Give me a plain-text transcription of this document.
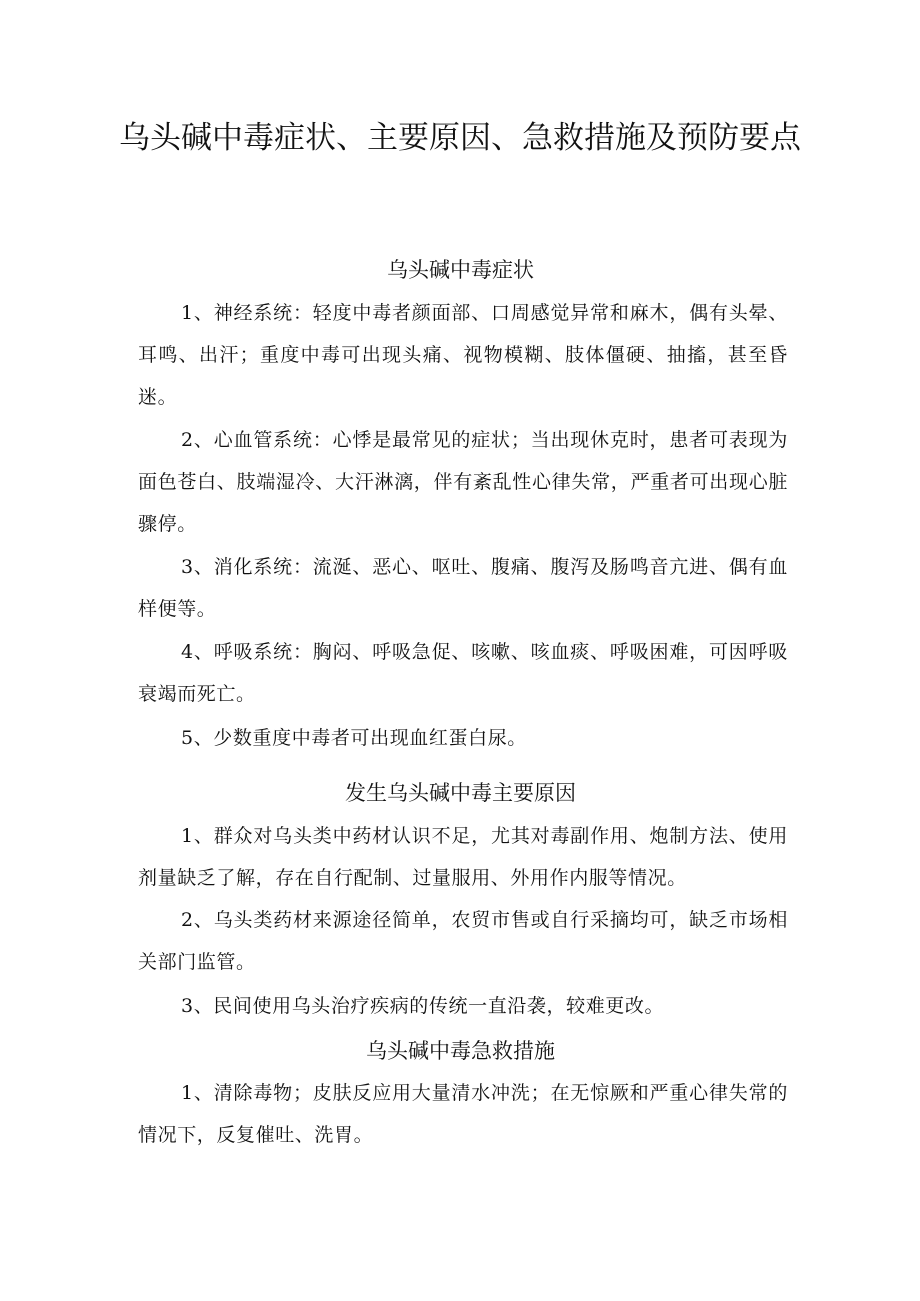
乌头碱中毒症状、主要原因、急救措施及预防要点
乌头碱中毒症状

1、神经系统：轻度中毒者颜面部、口周感觉异常和麻木，偶有头晕、耳鸣、出汗；重度中毒可出现头痛、视物模糊、肢体僵硬、抽搐，甚至昏迷。

2、心血管系统：心悸是最常见的症状；当出现休克时，患者可表现为面色苍白、肢端湿冷、大汗淋漓，伴有紊乱性心律失常，严重者可出现心脏骤停。

3、消化系统：流涎、恶心、呕吐、腹痛、腹泻及肠鸣音亢进、偶有血样便等。

4、呼吸系统：胸闷、呼吸急促、咳嗽、咳血痰、呼吸困难，可因呼吸衰竭而死亡。

5、少数重度中毒者可出现血红蛋白尿。

发生乌头碱中毒主要原因

1、群众对乌头类中药材认识不足，尤其对毒副作用、炮制方法、使用剂量缺乏了解，存在自行配制、过量服用、外用作内服等情况。

2、乌头类药材来源途径简单，农贸市售或自行采摘均可，缺乏市场相关部门监管。

3、民间使用乌头治疗疾病的传统一直沿袭，较难更改。

乌头碱中毒急救措施

1、清除毒物；皮肤反应用大量清水冲洗；在无惊厥和严重心律失常的情况下，反复催吐、洗胃。
